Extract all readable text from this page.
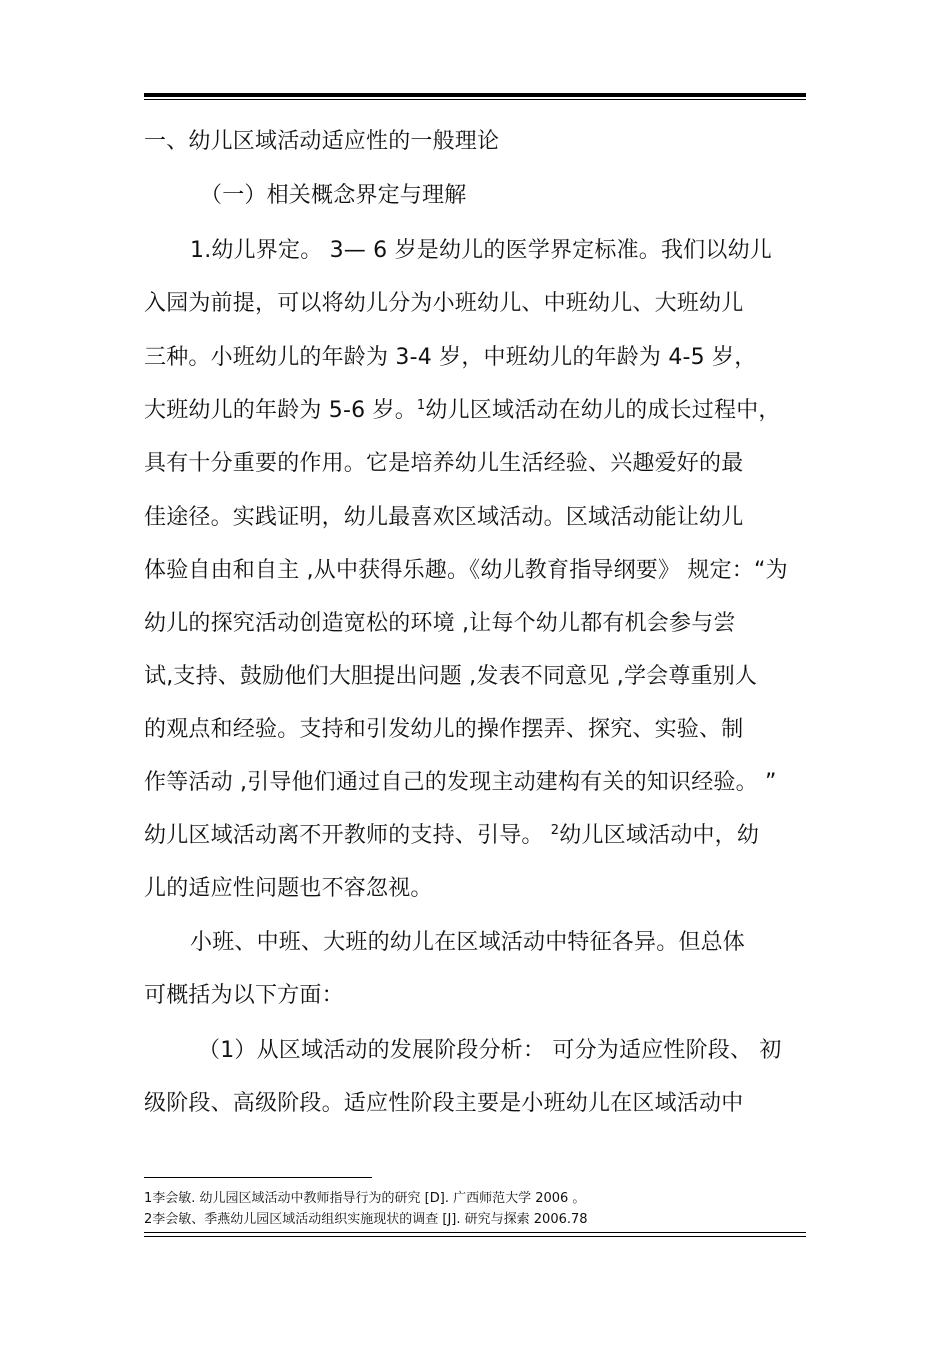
一、幼儿区域活动适应性的一般理论
（一）相关概念界定与理解
1.幼儿界定。 3— 6 岁是幼儿的医学界定标准。我们以幼儿
入园为前提，可以将幼儿分为小班幼儿、中班幼儿、大班幼儿
三种。小班幼儿的年龄为 3-4 岁，中班幼儿的年龄为 4-5 岁，
大班幼儿的年龄为 5-6 岁。$^1$幼儿区域活动在幼儿的成长过程中，
具有十分重要的作用。它是培养幼儿生活经验、兴趣爱好的最
佳途径。实践证明，幼儿最喜欢区域活动。区域活动能让幼儿
体验自由和自主 ,从中获得乐趣。《幼儿教育指导纲要》 规定：“为
幼儿的探究活动创造宽松的环境 ,让每个幼儿都有机会参与尝
试,支持、鼓励他们大胆提出问题 ,发表不同意见 ,学会尊重别人
的观点和经验。支持和引发幼儿的操作摆弄、探究、实验、制
作等活动 ,引导他们通过自己的发现主动建构有关的知识经验。 ”
幼儿区域活动离不开教师的支持、引导。 $^2$幼儿区域活动中，幼
儿的适应性问题也不容忽视。
小班、中班、大班的幼儿在区域活动中特征各异。但总体
可概括为以下方面：
（1）从区域活动的发展阶段分析： 可分为适应性阶段、 初
级阶段、高级阶段。适应性阶段主要是小班幼儿在区域活动中
1李会敏. 幼儿园区域活动中教师指导行为的研究 [D]. 广西师范大学 2006 。
2李会敏、季燕幼儿园区域活动组织实施现状的调查 [J]. 研究与探索 2006.78
